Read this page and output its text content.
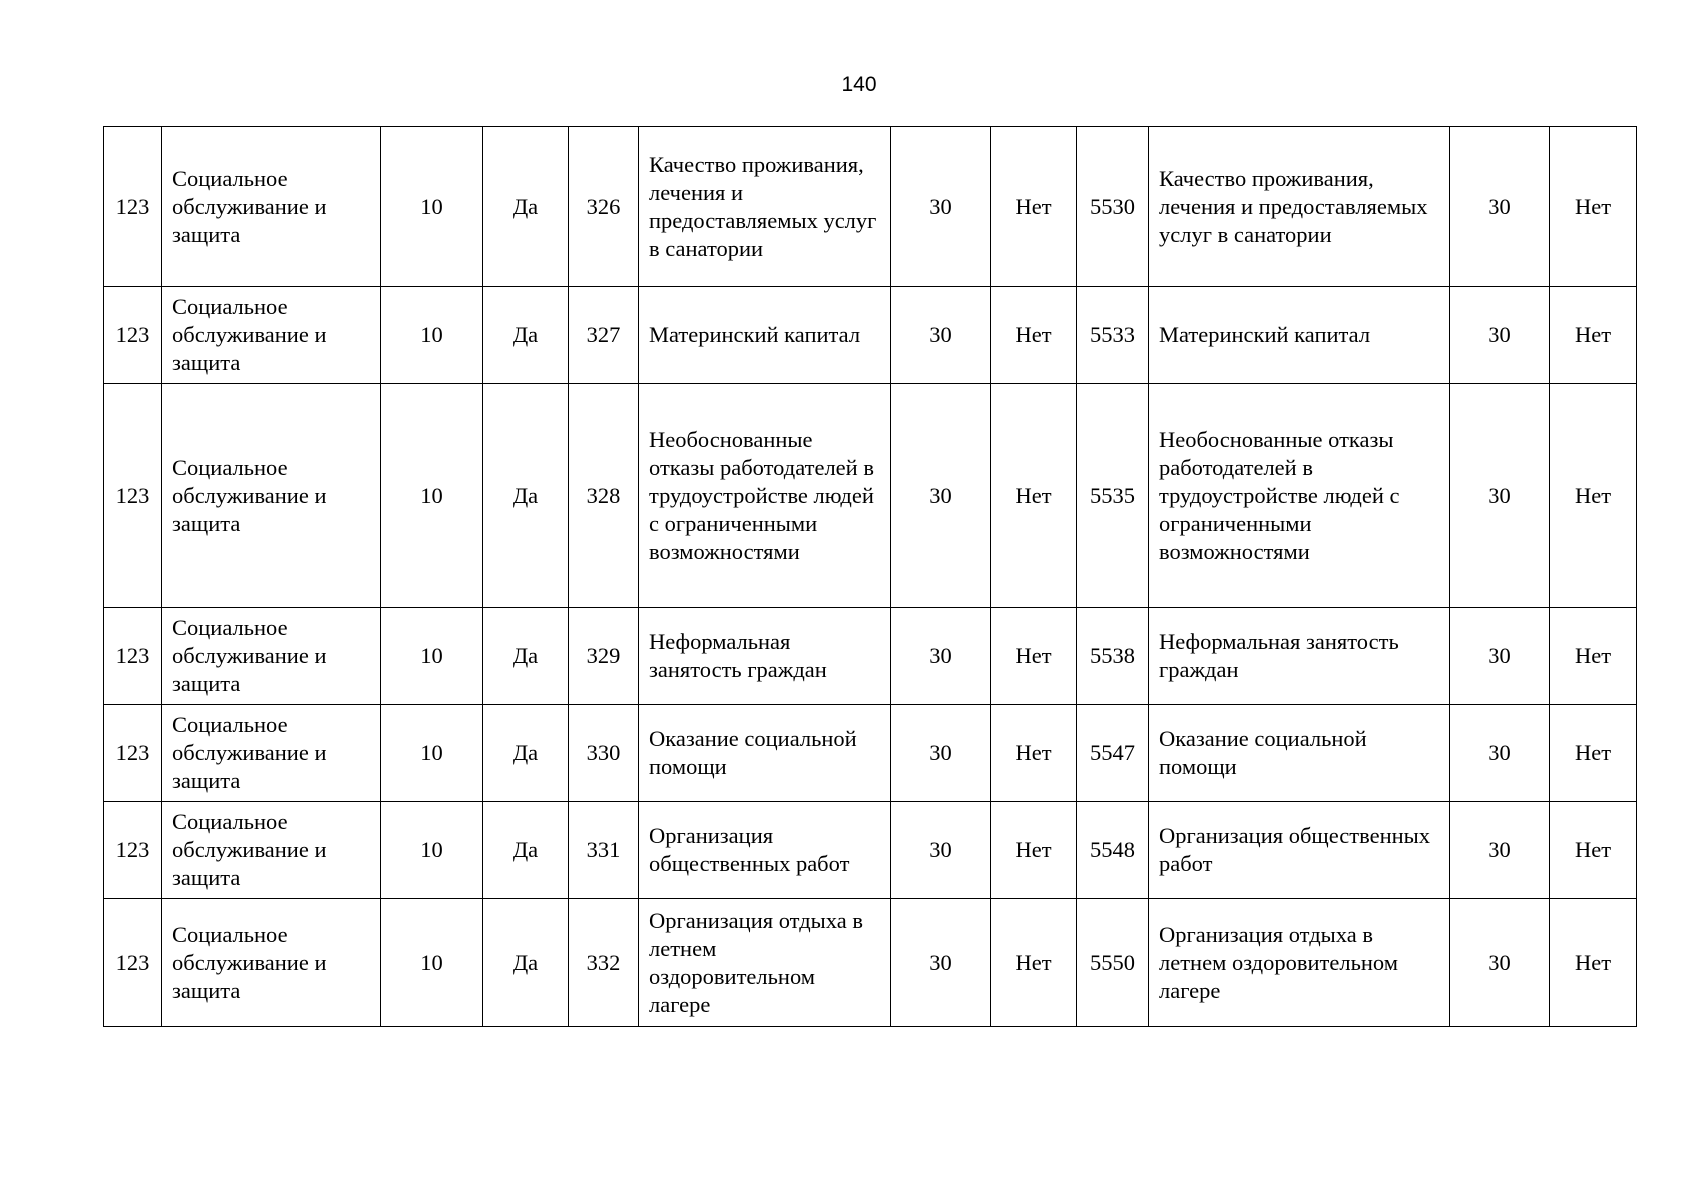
140
123	Социальное обслуживание и защита	10	Да	326	Качество проживания, лечения и предоставляемых услуг в санатории	30	Нет	5530	Качество проживания, лечения и предоставляемых услуг в санатории	30	Нет
123	Социальное обслуживание и защита	10	Да	327	Материнский капитал	30	Нет	5533	Материнский капитал	30	Нет
123	Социальное обслуживание и защита	10	Да	328	Необоснованные отказы работодателей в трудоустройстве людей с ограниченными возможностями	30	Нет	5535	Необоснованные отказы работодателей в трудоустройстве людей с ограниченными возможностями	30	Нет
123	Социальное обслуживание и защита	10	Да	329	Неформальная занятость граждан	30	Нет	5538	Неформальная занятость граждан	30	Нет
123	Социальное обслуживание и защита	10	Да	330	Оказание социальной помощи	30	Нет	5547	Оказание социальной помощи	30	Нет
123	Социальное обслуживание и защита	10	Да	331	Организация общественных работ	30	Нет	5548	Организация общественных работ	30	Нет
123	Социальное обслуживание и защита	10	Да	332	Организация отдыха в летнем оздоровительном лагере	30	Нет	5550	Организация отдыха в летнем оздоровительном лагере	30	Нет
